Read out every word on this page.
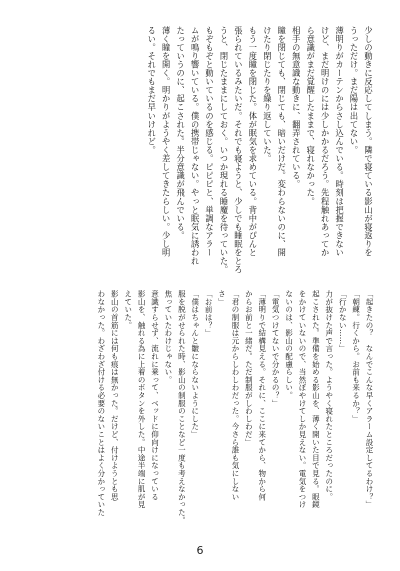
少しの動きに反応してしまう。隣で寝ている影山が寝返りを

うっただけ。まだ陽は出てない。

薄明りがカーテンからさし込んでいる。時刻は把握できない

けど、まだ明けのには少しかかるだろう。先程触れあってか

ら意識がまだ覚醒したままで、寝れなかった。

相手の無意識な動きに、翻弄されている。

瞳を閉じても、閉じても、暗いだけだ。変わらないのに、開

けたり閉じたりを繰り返していた。

もう一度瞳を閉じた。体が眠気を求めている。背中がぴんと

張られているみたいだ。それでも寝ようと、少しでも睡眠をとろ

うと、閉じたままにしておく。いつか現れる睡魔を待っていた。

もぞもぞと動いているのを感じる。ピピピと、単調なアラー

ムが鳴り響いている。僕の携帯じゃない。やっと眠気に誘われ

たっていうのに、起こされた。半分意識が飛んでいる。

薄く瞳を開く。明かりがようやく差してきたらしい。少し明

るい。それでもまだ早いけれど。

「起きたの？　なんでこんな早くアラーム設定してるわけ？」

「朝練。行くから。お前も来るか？」

「行かない……」

力が抜けた声で言った。ようやく寝れたところだったのに。

起こされた。準備を始める影山を、薄く開いた目で見る。眼鏡

をかけていないので、当然ぼやけてしか見えない。電気をつけ

ないのは、影山の配慮らしい。

「電気つけてないで分かるの？」

「薄明りで結構見える。それに、ここに来てから、物から何

からお前と一緒だ。ただ制服がしわしわだ」

「君の制服は元からしわしわだった。今さら誰も気にしない

さ」

「お前は？」

「僕はちゃんと皺にならないようにした」

服を脱がせられた時、影山の制服のことなど一度も考えなかった。

焦っていたわけじゃない。

意識すらせず、流れに乗って、ベッドに仰向けになっている

影山を、触れる為に上着のボタンを外した。中途半端に肌が見

えていた。

影山の首筋には何も痕は無かった。だけど、付けようとも思

わなかった。わざわざ付ける必要のないことはよく分かっていた

6
